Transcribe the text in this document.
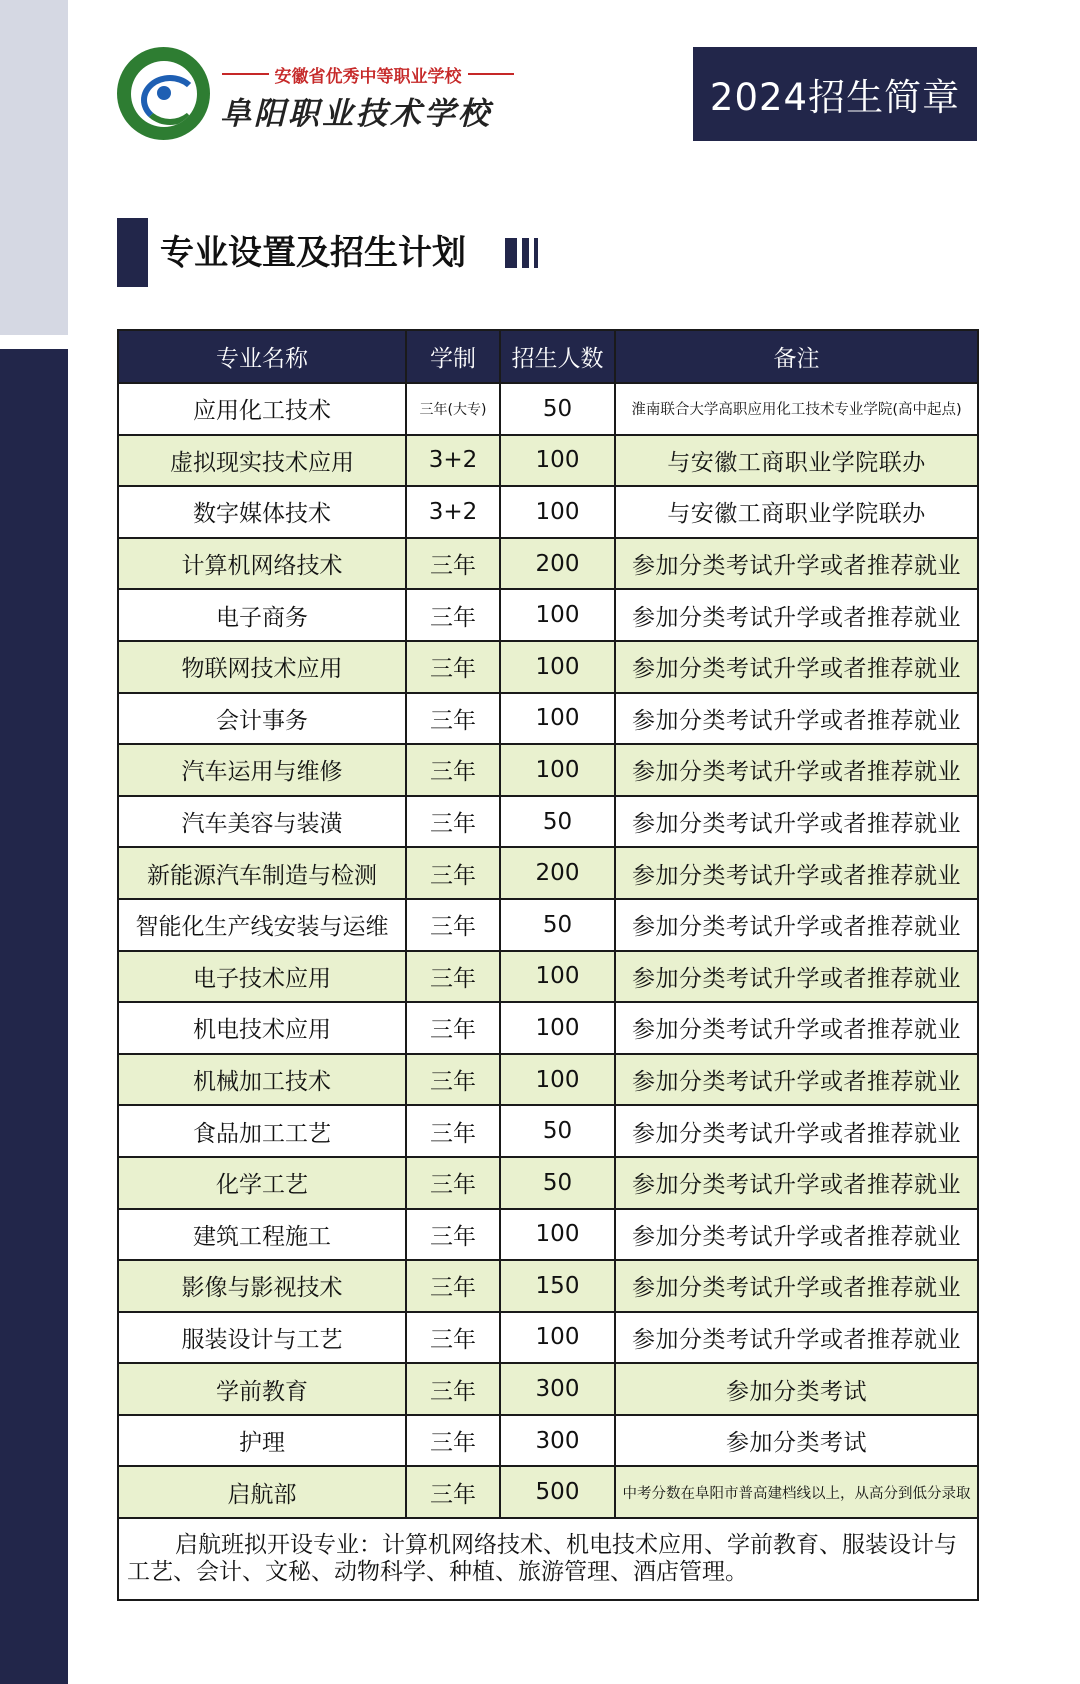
安徽省优秀中等职业学校
阜阳职业技术学校	2024招生简章
专业设置及招生计划
专业名称	学制	招生人数	备注
应用化工技术	三年(大专)	50	淮南联合大学高职应用化工技术专业学院(高中起点)
虚拟现实技术应用	3+2	100	与安徽工商职业学院联办
数字媒体技术	3+2	100	与安徽工商职业学院联办
计算机网络技术	三年	200	参加分类考试升学或者推荐就业
电子商务	三年	100	参加分类考试升学或者推荐就业
物联网技术应用	三年	100	参加分类考试升学或者推荐就业
会计事务	三年	100	参加分类考试升学或者推荐就业
汽车运用与维修	三年	100	参加分类考试升学或者推荐就业
汽车美容与装潢	三年	50	参加分类考试升学或者推荐就业
新能源汽车制造与检测	三年	200	参加分类考试升学或者推荐就业
智能化生产线安装与运维	三年	50	参加分类考试升学或者推荐就业
电子技术应用	三年	100	参加分类考试升学或者推荐就业
机电技术应用	三年	100	参加分类考试升学或者推荐就业
机械加工技术	三年	100	参加分类考试升学或者推荐就业
食品加工工艺	三年	50	参加分类考试升学或者推荐就业
化学工艺	三年	50	参加分类考试升学或者推荐就业
建筑工程施工	三年	100	参加分类考试升学或者推荐就业
影像与影视技术	三年	150	参加分类考试升学或者推荐就业
服装设计与工艺	三年	100	参加分类考试升学或者推荐就业
学前教育	三年	300	参加分类考试
护理	三年	300	参加分类考试
启航部	三年	500	中考分数在阜阳市普高建档线以上，从高分到低分录取
启航班拟开设专业：计算机网络技术、机电技术应用、学前教育、服装设计与工艺、会计、文秘、动物科学、种植、旅游管理、酒店管理。			
